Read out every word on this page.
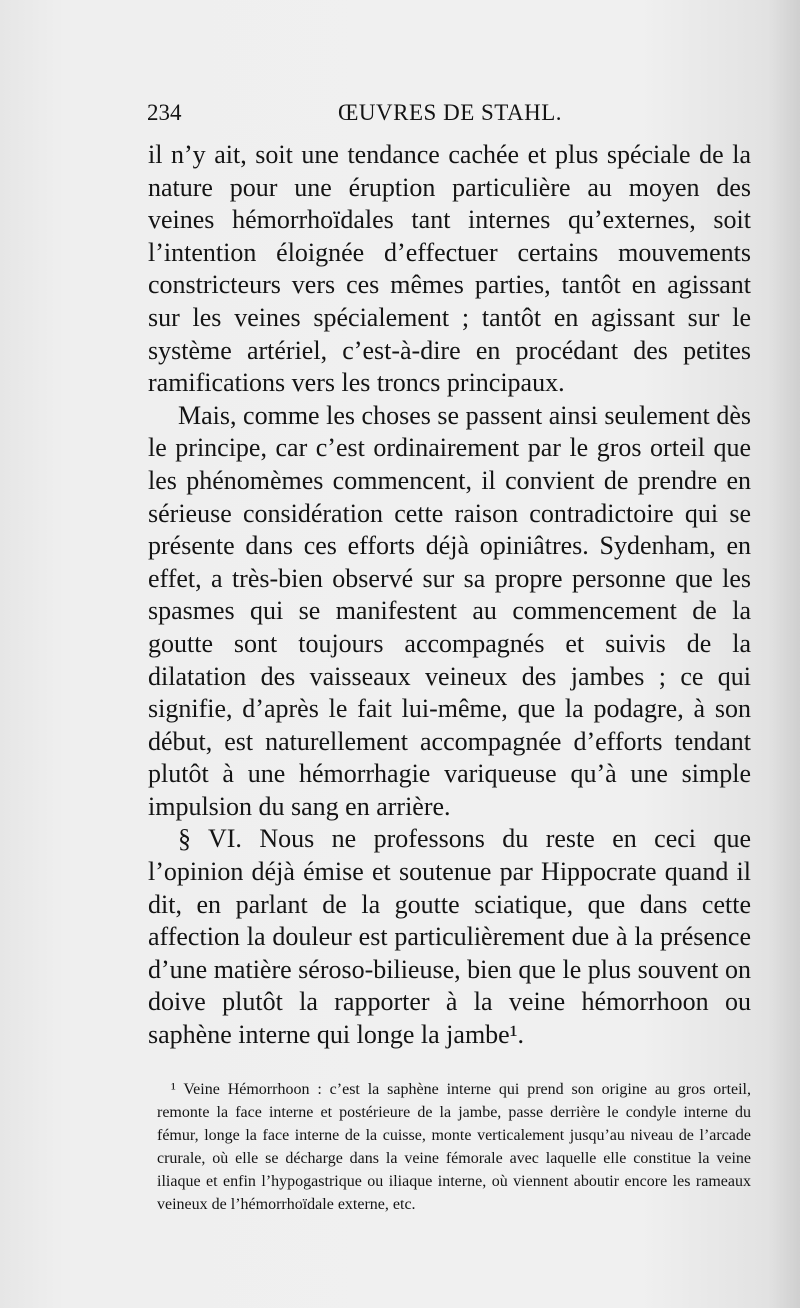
234	ŒUVRES DE STAHL.

il n’y ait, soit une tendance cachée et plus spéciale de la nature pour une éruption particulière au moyen des veines hémorrhoïdales tant internes qu’externes, soit l’intention éloignée d’effectuer certains mouvements constricteurs vers ces mêmes parties, tantôt en agissant sur les veines spécialement ; tantôt en agissant sur le système artériel, c’est-à-dire en procédant des petites ramifications vers les troncs principaux.

Mais, comme les choses se passent ainsi seulement dès le principe, car c’est ordinairement par le gros orteil que les phénomèmes commencent, il convient de prendre en sérieuse considération cette raison contradictoire qui se présente dans ces efforts déjà opiniâtres. Sydenham, en effet, a très-bien observé sur sa propre personne que les spasmes qui se manifestent au commencement de la goutte sont toujours accompagnés et suivis de la dilatation des vaisseaux veineux des jambes ; ce qui signifie, d’après le fait lui-même, que la podagre, à son début, est naturellement accompagnée d’efforts tendant plutôt à une hémorrhagie variqueuse qu’à une simple impulsion du sang en arrière.

§ VI. Nous ne professons du reste en ceci que l’opinion déjà émise et soutenue par Hippocrate quand il dit, en parlant de la goutte sciatique, que dans cette affection la douleur est particulièrement due à la présence d’une matière séroso-bilieuse, bien que le plus souvent on doive plutôt la rapporter à la veine hémorrhoon ou saphène interne qui longe la jambe¹.

¹ Veine Hémorrhoon : c’est la saphène interne qui prend son origine au gros orteil, remonte la face interne et postérieure de la jambe, passe derrière le condyle interne du fémur, longe la face interne de la cuisse, monte verticalement jusqu’au niveau de l’arcade crurale, où elle se décharge dans la veine fémorale avec laquelle elle constitue la veine iliaque et enfin l’hypogastrique ou iliaque interne, où viennent aboutir encore les rameaux veineux de l’hémorrhoïdale externe, etc.
